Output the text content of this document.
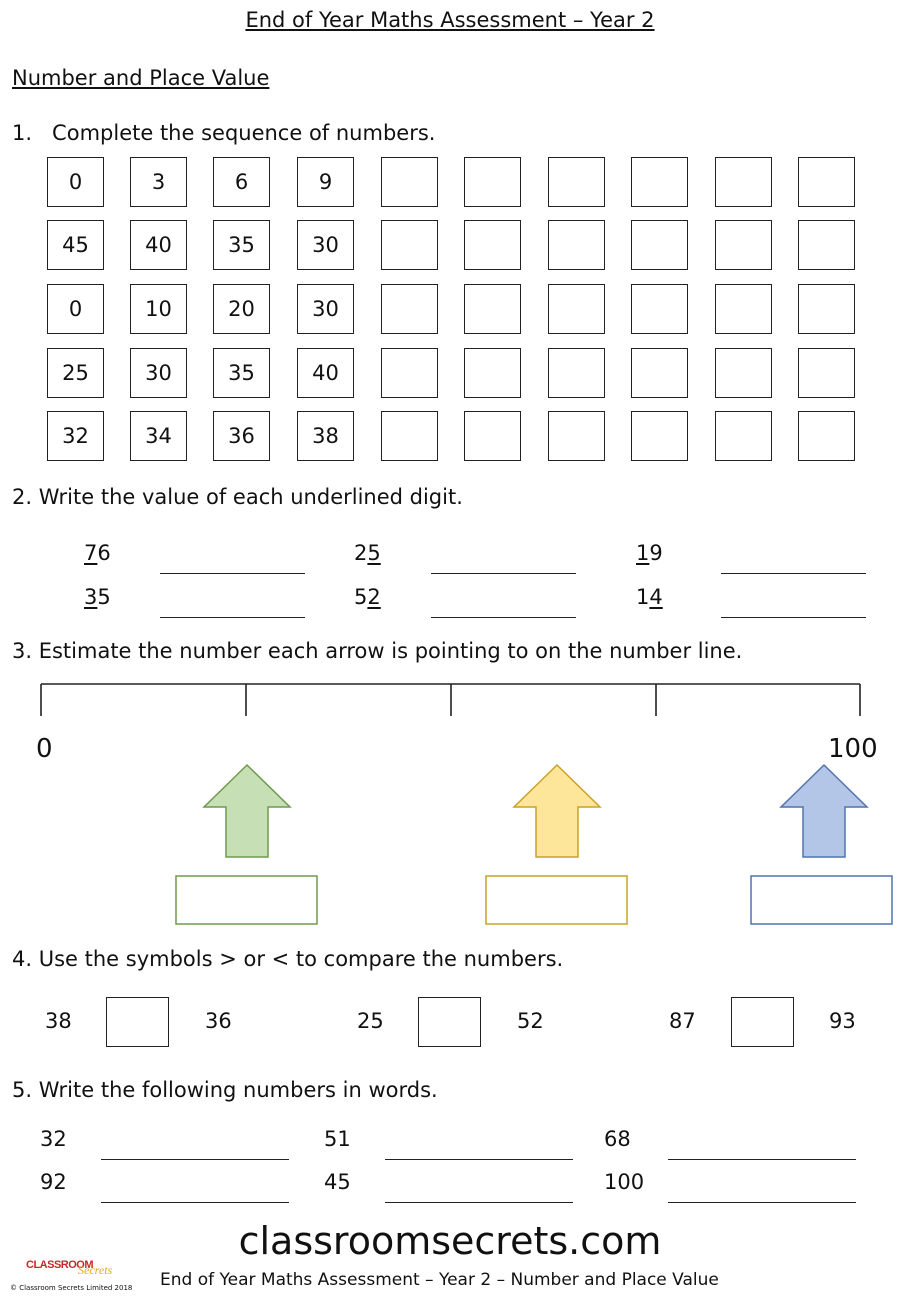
End of Year Maths Assessment – Year 2
Number and Place Value
1.   Complete the sequence of numbers.
0	3	6	9
45	40	35	30
0	10	20	30
25	30	35	40
32	34	36	38
2. Write the value of each underlined digit.
76	25	19
35	52	14
3. Estimate the number each arrow is pointing to on the number line.
0	100
4. Use the symbols > or < to compare the numbers.
38	36	25	52	87	93
5. Write the following numbers in words.
32	51	68
92	45	100
classroomsecrets.com
CLASSROOM
Secrets
© Classroom Secrets Limited 2018 End of Year Maths Assessment – Year 2 – Number and Place Value
